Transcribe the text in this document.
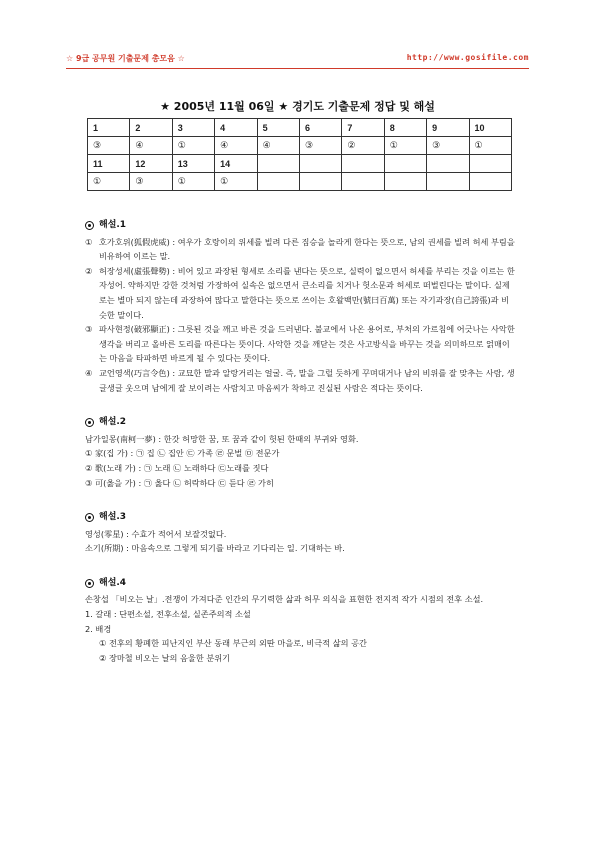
☆ 9급 공무원 기출문제 총모음 ☆	http://www.gosifile.com
★ 2005년 11월 06일 ★ 경기도 기출문제 정답 및 해설
1	2	3	4	5	6	7	8	9	10
③	④	①	④	④	③	②	①	③	①
11	12	13	14						
①	③	①	①						
해설.1
① 호가호위(狐假虎威) : 여우가 호랑이의 위세를 빌려 다른 짐승을 놀라게 한다는 뜻으로, 남의 권세를 빌려 허세 부림을 비유하여 이르는 말.

② 허장성세(虛張聲勢) : 비어 있고 과장된 형세로 소리를 낸다는 뜻으로, 실력이 없으면서 허세를 부리는 것을 이르는 한자성어. 약하지만 강한 것처럼 가장하여 실속은 없으면서 큰소리를 치거나 헛소문과 허세로 떠벌린다는 말이다. 실제로는 별마 되지 않는데 과장하여 많다고 말한다는 뜻으로 쓰이는 호왈백만(號曰百萬) 또는 자기과장(自己誇張)과 비슷한 말이다.

③ 파사현정(破邪顯正) : 그릇된 것을 깨고 바른 것을 드러낸다. 불교에서 나온 용어로, 부처의 가르침에 어긋나는 사악한 생각을 버리고 올바른 도리를 따른다는 뜻이다. 사악한 것을 깨닫는 것은 사고방식을 바꾸는 것을 의미하므로 얽매이는 마음을 타파하면 바르게 될 수 있다는 뜻이다.

④ 교언영색(巧言令色) : 교묘한 말과 알랑거리는 얼굴. 즉, 말을 그럴 듯하게 꾸며대거나 남의 비위를 잘 맞추는 사람, 생글생글 웃으며 남에게 잘 보이려는 사람치고 마음씨가 착하고 진실된 사람은 적다는 뜻이다.

해설.2

남가일몽(南柯一夢) : 한갓 허망한 꿈, 또 꿈과 같이 헛된 한때의 부귀와 영화.

① 家(집 가) : ㉠ 집 ㉡ 집안 ㉢ 가족 ㉣ 문벌 ㉤ 전문가

② 歌(노래 가) : ㉠ 노래 ㉡ 노래하다 ㉢노래를 짓다

③ 可(옳을 가) : ㉠ 옳다 ㉡ 허락하다 ㉢ 듣다 ㉣ 가히

해설.3

영성(零星) : 수효가 적어서 보잘것없다.

소기(所期) : 마음속으로 그렇게 되기를 바라고 기다리는 일. 기대하는 바.

해설.4

손창섭 「비오는 날」.전쟁이 가져다준 인간의 무기력한 삶과 허무 의식을 표현한 전지적 작가 시점의 전후 소설.

1. 갈래 : 단편소설, 전후소설, 실존주의적 소설

2. 배경

① 전후의 황폐한 피난지인 부산 동래 부근의 외딴 마을로, 비극적 삶의 공간

② 장마철 비오는 날의 음울한 분위기
